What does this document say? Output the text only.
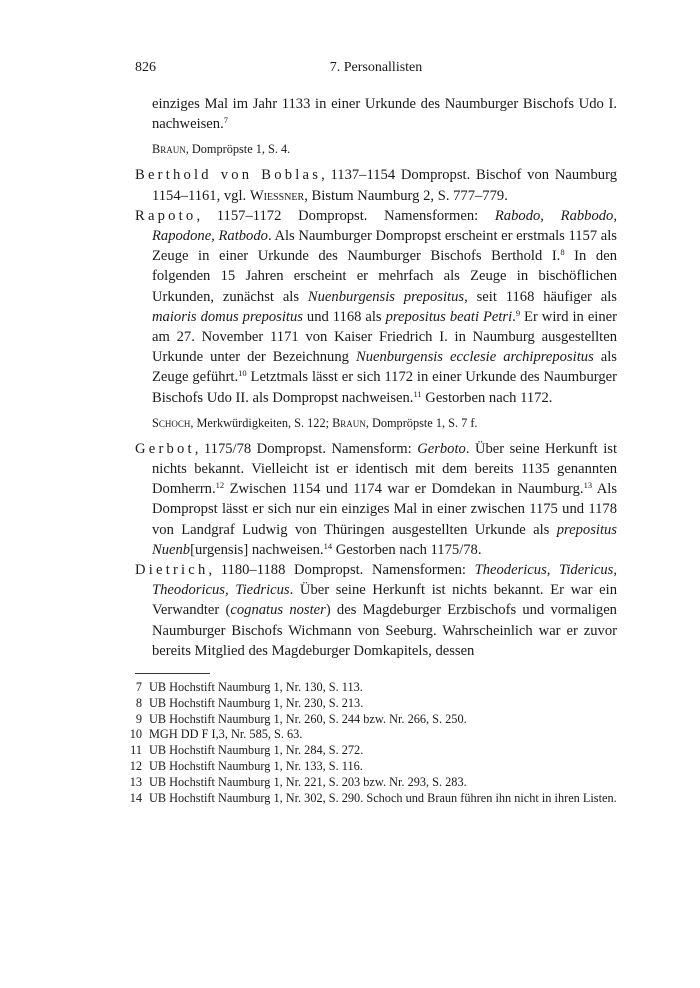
826	7. Personallisten

einziges Mal im Jahr 1133 in einer Urkunde des Naumburger Bischofs Udo I. nachweisen.$^7$

Braun, Dompröpste 1, S. 4.

Berthold von Boblas, 1137–1154 Dompropst. Bischof von Naumburg 1154–1161, vgl. Wiessner, Bistum Naumburg 2, S. 777–779.

Rapoto, 1157–1172 Dompropst. Namensformen: Rabodo, Rabbodo, Rapodone, Ratbodo. Als Naumburger Dompropst erscheint er erstmals 1157 als Zeuge in einer Urkunde des Naumburger Bischofs Berthold I.$^8$ In den folgenden 15 Jahren erscheint er mehrfach als Zeuge in bischöflichen Urkunden, zunächst als Nuenburgensis prepositus, seit 1168 häufiger als maioris domus prepositus und 1168 als prepositus beati Petri.$^9$ Er wird in einer am 27. November 1171 von Kaiser Friedrich I. in Naumburg ausgestellten Urkunde unter der Bezeichnung Nuenburgensis ecclesie archiprepositus als Zeuge geführt.$^{10}$ Letztmals lässt er sich 1172 in einer Urkunde des Naumburger Bischofs Udo II. als Dompropst nachweisen.$^{11}$ Gestorben nach 1172.

Schoch, Merkwürdigkeiten, S. 122; Braun, Dompröpste 1, S. 7 f.

Gerbot, 1175/78 Dompropst. Namensform: Gerboto. Über seine Herkunft ist nichts bekannt. Vielleicht ist er identisch mit dem bereits 1135 genannten Domherrn.$^{12}$ Zwischen 1154 und 1174 war er Domdekan in Naumburg.$^{13}$ Als Dompropst lässt er sich nur ein einziges Mal in einer zwischen 1175 und 1178 von Landgraf Ludwig von Thüringen ausgestellten Urkunde als prepositus Nuenb[urgensis] nachweisen.$^{14}$ Gestorben nach 1175/78.

Dietrich, 1180–1188 Dompropst. Namensformen: Theodericus, Tidericus, Theodoricus, Tiedricus. Über seine Herkunft ist nichts bekannt. Er war ein Verwandter (cognatus noster) des Magdeburger Erzbischofs und vormaligen Naumburger Bischofs Wichmann von Seeburg. Wahrscheinlich war er zuvor bereits Mitglied des Magdeburger Domkapitels, dessen

7 UB Hochstift Naumburg 1, Nr. 130, S. 113.
8 UB Hochstift Naumburg 1, Nr. 230, S. 213.
9 UB Hochstift Naumburg 1, Nr. 260, S. 244 bzw. Nr. 266, S. 250.
10 MGH DD F I,3, Nr. 585, S. 63.
11 UB Hochstift Naumburg 1, Nr. 284, S. 272.
12 UB Hochstift Naumburg 1, Nr. 133, S. 116.
13 UB Hochstift Naumburg 1, Nr. 221, S. 203 bzw. Nr. 293, S. 283.
14 UB Hochstift Naumburg 1, Nr. 302, S. 290. Schoch und Braun führen ihn nicht in ihren Listen.
